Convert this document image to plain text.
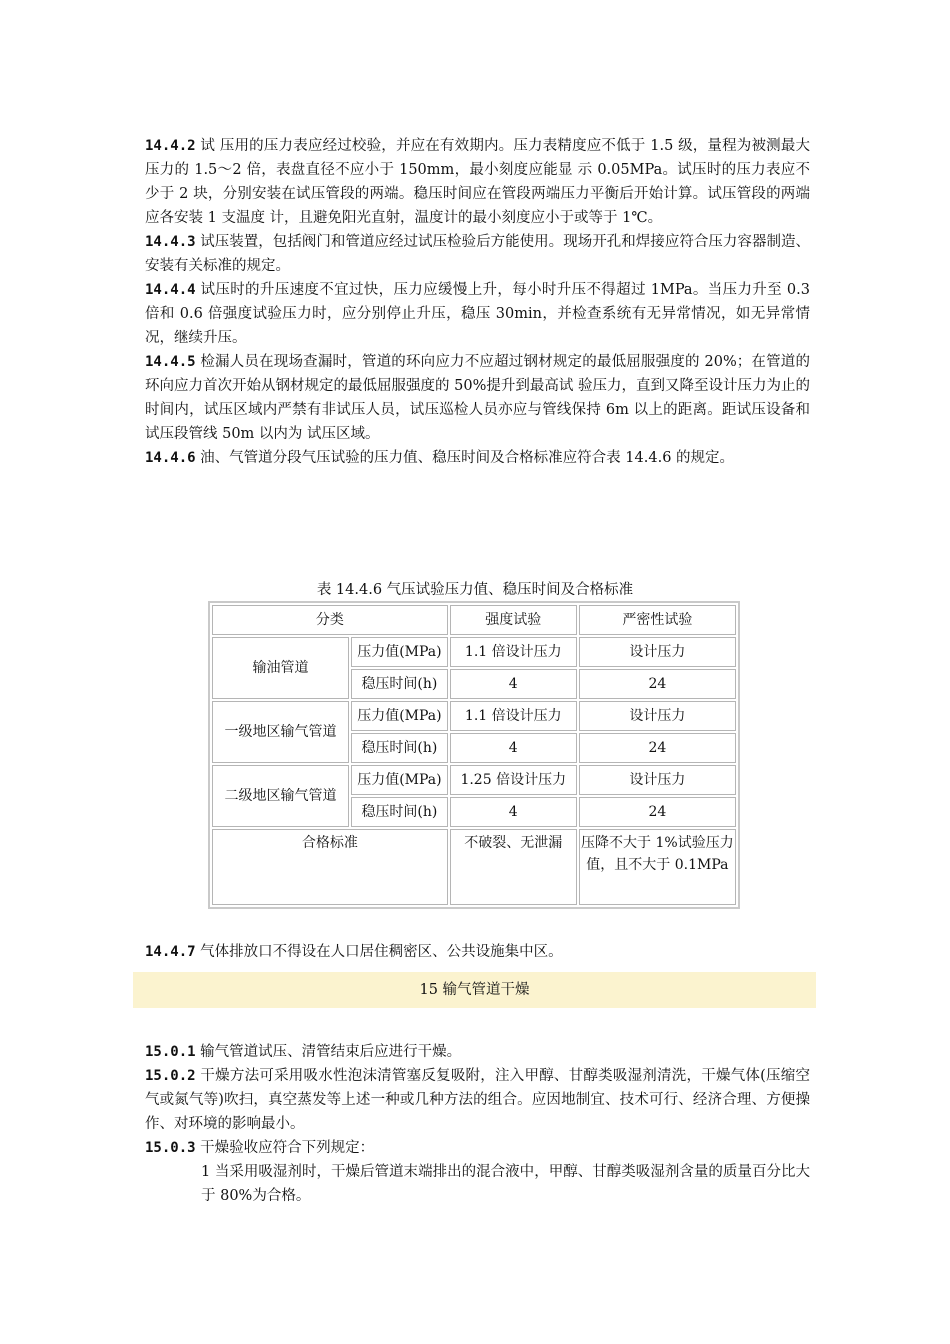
14.4.2 试 压用的压力表应经过校验，并应在有效期内。压力表精度应不低于 1.5 级，量程为被测最大压力的 1.5～2 倍，表盘直径不应小于 150mm，最小刻度应能显 示 0.05MPa。试压时的压力表应不少于 2 块，分别安装在试压管段的两端。稳压时间应在管段两端压力平衡后开始计算。试压管段的两端应各安装 1 支温度 计，且避免阳光直射，温度计的最小刻度应小于或等于 1℃。

14.4.3 试压装置，包括阀门和管道应经过试压检验后方能使用。现场开孔和焊接应符合压力容器制造、安装有关标准的规定。

14.4.4 试压时的升压速度不宜过快，压力应缓慢上升，每小时升压不得超过 1MPa。当压力升至 0.3 倍和 0.6 倍强度试验压力时，应分别停止升压，稳压 30min，并检查系统有无异常情况，如无异常情况，继续升压。

14.4.5 检漏人员在现场查漏时，管道的环向应力不应超过钢材规定的最低屈服强度的 20%；在管道的环向应力首次开始从钢材规定的最低屈服强度的 50%提升到最高试 验压力，直到又降至设计压力为止的时间内，试压区域内严禁有非试压人员，试压巡检人员亦应与管线保持 6m 以上的距离。距试压设备和试压段管线 50m 以内为 试压区域。

14.4.6 油、气管道分段气压试验的压力值、稳压时间及合格标准应符合表 14.4.6 的规定。

表 14.4.6 气压试验压力值、稳压时间及合格标准
分类		强度试验	严密性试验
输油管道	压力值(MPa)	1.1 倍设计压力	设计压力
	稳压时间(h)	4	24
一级地区输气管道	压力值(MPa)	1.1 倍设计压力	设计压力
	稳压时间(h)	4	24
二级地区输气管道	压力值(MPa)	1.25 倍设计压力	设计压力
	稳压时间(h)	4	24
合格标准		不破裂、无泄漏	压降不大于 1%试验压力值，且不大于 0.1MPa

14.4.7 气体排放口不得设在人口居住稠密区、公共设施集中区。

15 输气管道干燥

15.0.1 输气管道试压、清管结束后应进行干燥。

15.0.2 干燥方法可采用吸水性泡沫清管塞反复吸附，注入甲醇、甘醇类吸湿剂清洗，干燥气体(压缩空气或氮气等)吹扫，真空蒸发等上述一种或几种方法的组合。应因地制宜、技术可行、经济合理、方便操作、对环境的影响最小。

15.0.3 干燥验收应符合下列规定：

1 当采用吸湿剂时，干燥后管道末端排出的混合液中，甲醇、甘醇类吸湿剂含量的质量百分比大于 80%为合格。
